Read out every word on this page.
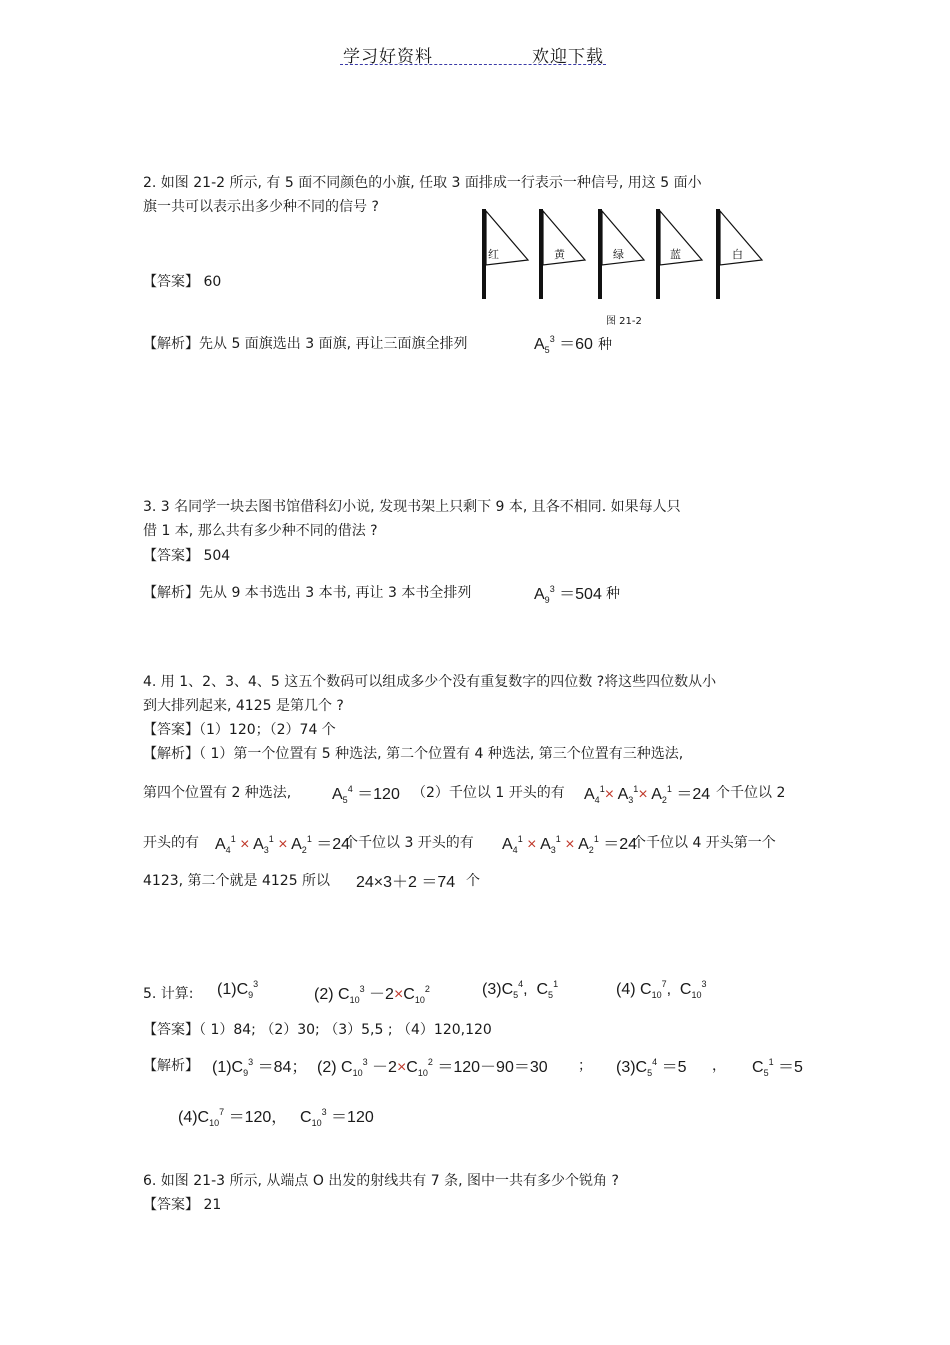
学习好资料	欢迎下载
2. 如图 21-2 所示, 有 5 面不同颜色的小旗, 任取 3 面排成一行表示一种信号, 用这 5 面小
旗一共可以表示出多少种不同的信号 ?
【答案】 60
红	黄	绿	蓝	白
图 21-2
【解析】先从 5 面旗选出 3 面旗, 再让三面旗全排列	$A_5^3 =60$ 种
3. 3 名同学一块去图书馆借科幻小说, 发现书架上只剩下 9 本, 且各不相同. 如果每人只
借 1 本, 那么共有多少种不同的借法 ?
【答案】 504
【解析】先从 9 本书选出 3 本书, 再让 3 本书全排列	$A_9^3 =504$ 种
4. 用 1、2、3、4、5 这五个数码可以组成多少个没有重复数字的四位数 ?将这些四位数从小
到大排列起来, 4125 是第几个 ?
【答案】（1）120；（2）74 个
【解析】（ 1）第一个位置有 5 种选法, 第二个位置有 4 种选法, 第三个位置有三种选法,
第四个位置有 2 种选法,	$A_5^4 =120$ （2）千位以 1 开头的有 $A_4^1\times A_3^1\times A_2^1 =24$ 个千位以 2
开头的有 $A_4^1 \times A_3^1 \times A_2^1 =24$
个千位以 3 开头的有 $A_4^1 \times A_3^1 \times A_2^1 =24$
个千位以 4 开头第一个
4123, 第二个就是 4125 所以 24×3＋2 ＝74 个
5. 计算: $(1)C_9^3$
(2) $C_{10}^3 -2\times C_{10}^2$	$(3)C_5^4$,  $C_5^1$	(4) $C_{10}^7$,  $C_{10}^3$
【答案】（ 1）84; （2）30; （3）5,5 ; （4）120,120
【解析】 $(1)C_9^3 =84$； (2) $C_{10}^3 -2\times C_{10}^2 =120-90=30$ ； $(3)C_5^4 =5$ ， $C_5^1 =5$
$(4)C_{10}^7 =120$， $C_{10}^3 =120$
6. 如图 21-3 所示, 从端点 O 出发的射线共有 7 条, 图中一共有多少个锐角 ?
【答案】 21
